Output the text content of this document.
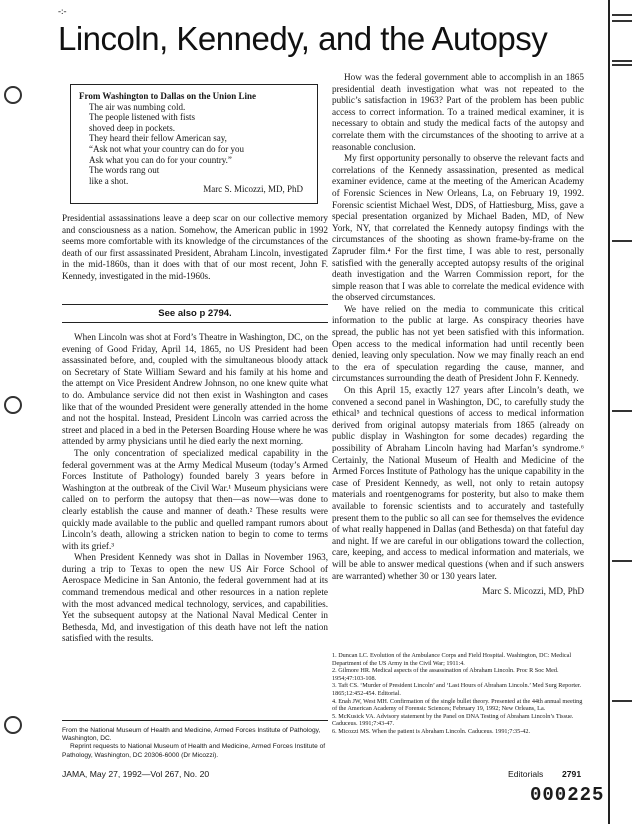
-:-
Lincoln, Kennedy, and the Autopsy
From Washington to Dallas on the Union Line
The air was numbing cold.
The people listened with fists
shoved deep in pockets.
They heard their fellow American say,
“Ask not what your country can do for you
Ask what you can do for your country.”
The words rang out
like a shot.
Marc S. Micozzi, MD, PhD

Presidential assassinations leave a deep scar on our collective memory and consciousness as a nation. Somehow, the American public in 1992 seems more comfortable with its knowledge of the circumstances of the death of our first assassinated President, Abraham Lincoln, investigated in the mid-1860s, than it does with that of our most recent, John F. Kennedy, investigated in the mid-1960s.

See also p 2794.

When Lincoln was shot at Ford’s Theatre in Washington, DC, on the evening of Good Friday, April 14, 1865, no US President had been assassinated before, and, coupled with the simultaneous bloody attack on Secretary of State William Seward and his family at his home and the attempt on Vice President Andrew Johnson, no one knew quite what to do. Ambulance service did not then exist in Washington and cases like that of the wounded President were generally attended in the home and not the hospital. Instead, President Lincoln was carried across the street and placed in a bed in the Petersen Boarding House where he was attended by army physicians until he died early the next morning.

The only concentration of specialized medical capability in the federal government was at the Army Medical Museum (today’s Armed Forces Institute of Pathology) founded barely 3 years before in Washington at the outbreak of the Civil War.¹ Museum physicians were called on to perform the autopsy that then—as now—was done to clearly establish the cause and manner of death.² These results were quickly made available to the public and quelled rampant rumors about Lincoln’s death, allowing a stricken nation to begin to come to terms with its grief.³

When President Kennedy was shot in Dallas in November 1963, during a trip to Texas to open the new US Air Force School of Aerospace Medicine in San Antonio, the federal government had at its command tremendous medical and other resources in a nation replete with the most advanced medical technology, services, and capabilities. Yet the subsequent autopsy at the National Naval Medical Center in Bethesda, Md, and investigation of this death have not left the nation satisfied with the results.

How was the federal government able to accomplish in an 1865 presidential death investigation what was not repeated to the public’s satisfaction in 1963? Part of the problem has been public access to correct information. To a trained medical examiner, it is necessary to obtain and study the medical facts of the autopsy and correlate them with the circumstances of the shooting to arrive at a reasonable conclusion.

My first opportunity personally to observe the relevant facts and correlations of the Kennedy assassination, presented as medical examiner evidence, came at the meeting of the American Academy of Forensic Sciences in New Orleans, La, on February 19, 1992. Forensic scientist Michael West, DDS, of Hattiesburg, Miss, gave a special presentation organized by Michael Baden, MD, of New York, NY, that correlated the Kennedy autopsy findings with the circumstances of the shooting as shown frame-by-frame on the Zapruder film.⁴ For the first time, I was able to rest, personally satisfied with the generally accepted autopsy results of the original death investigation and the Warren Commission report, for the simple reason that I was able to correlate the medical evidence with the observed circumstances.

We have relied on the media to communicate this critical information to the public at large. As conspiracy theories have spread, the public has not yet been satisfied with this information. Open access to the medical information had until recently been denied, leaving only speculation. Now we may finally reach an end to the era of speculation regarding the cause, manner, and circumstances surrounding the death of President John F. Kennedy.

On this April 15, exactly 127 years after Lincoln’s death, we convened a second panel in Washington, DC, to carefully study the ethical⁵ and technical questions of access to medical information derived from original autopsy materials from 1865 (already on public display in Washington for some decades) regarding the possibility of Abraham Lincoln having had Marfan’s syndrome.⁶ Certainly, the National Museum of Health and Medicine of the Armed Forces Institute of Pathology has the unique capability in the case of President Kennedy, as well, not only to retain autopsy materials and roentgenograms for posterity, but also to make them available to forensic scientists and to accurately and tastefully present them to the public so all can see for themselves the evidence of what really happened in Dallas (and Bethesda) on that fateful day and night. If we are careful in our obligations toward the collection, care, keeping, and access to medical information and materials, we will be able to answer medical questions (when and if such answers are warranted) whether 30 or 130 years later.

Marc S. Micozzi, MD, PhD

1. Duncan LC. Evolution of the Ambulance Corps and Field Hospital. Washington, DC: Medical Department of the US Army in the Civil War; 1911:4.
2. Gilmore HR. Medical aspects of the assassination of Abraham Lincoln. Proc R Soc Med. 1954;47:103-108.
3. Taft CS. ‘Murder of President Lincoln’ and ‘Last Hours of Abraham Lincoln.’ Med Surg Reporter. 1865;12:452-454. Editorial.
4. Enah JW, West MH. Confirmation of the single bullet theory. Presented at the 44th annual meeting of the American Academy of Forensic Sciences; February 19, 1992; New Orleans, La.
5. McKusick VA. Advisory statement by the Panel on DNA Testing of Abraham Lincoln’s Tissue. Caduceus. 1991;7:43-47.
6. Micozzi MS. When the patient is Abraham Lincoln. Caduceus. 1991;7:35-42.
From the National Museum of Health and Medicine, Armed Forces Institute of Pathology, Washington, DC.
Reprint requests to National Museum of Health and Medicine, Armed Forces Institute of Pathology, Washington, DC 20306-6000 (Dr Micozzi).
JAMA, May 27, 1992—Vol 267, No. 20	Editorials 2791
000225
